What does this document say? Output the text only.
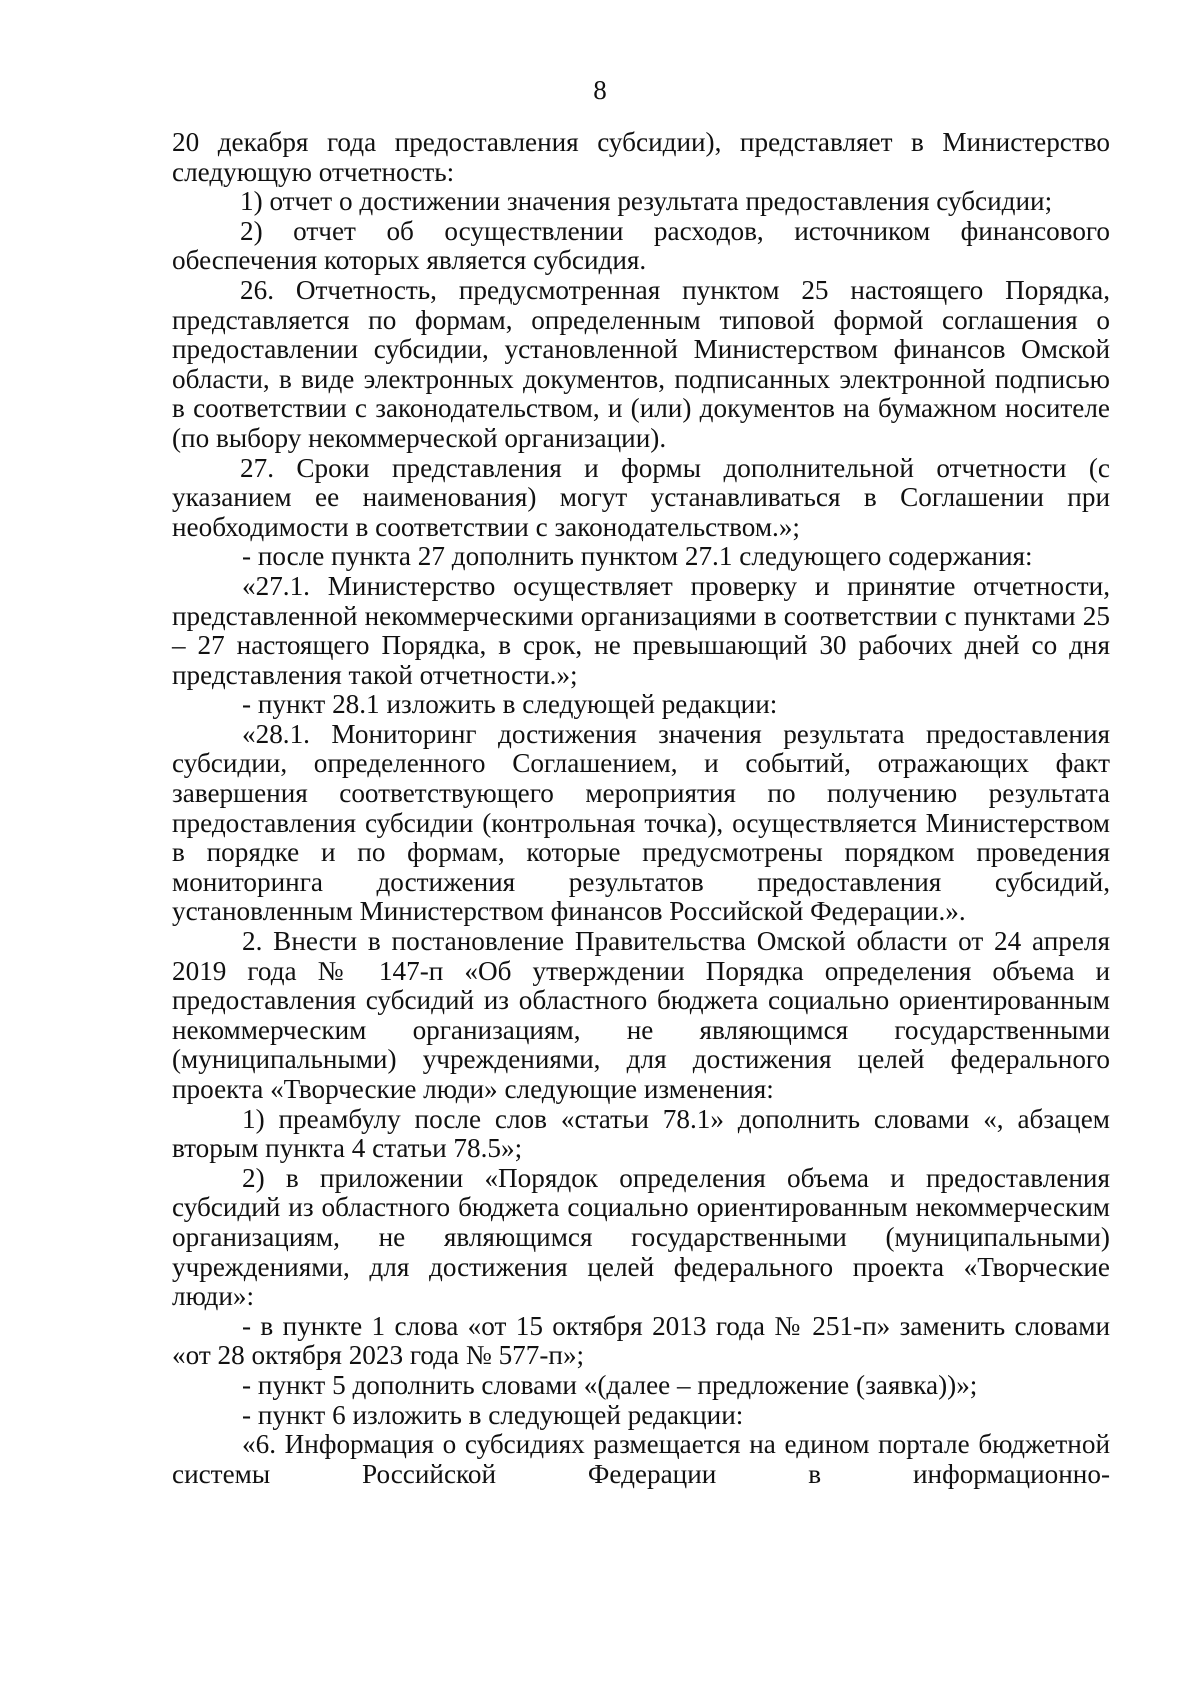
8

20 декабря года предоставления субсидии), представляет в Министерство следующую отчетность:

1) отчет о достижении значения результата предоставления субсидии;

2) отчет об осуществлении расходов, источником финансового обеспечения которых является субсидия.

26. Отчетность, предусмотренная пунктом 25 настоящего Порядка, представляется по формам, определенным типовой формой соглашения о предоставлении субсидии, установленной Министерством финансов Омской области, в виде электронных документов, подписанных электронной подписью в соответствии с законодательством, и (или) документов на бумажном носителе (по выбору некоммерческой организации).

27. Сроки представления и формы дополнительной отчетности (с указанием ее наименования) могут устанавливаться в Соглашении при необходимости в соответствии с законодательством.»;

- после пункта 27 дополнить пунктом 27.1 следующего содержания:

«27.1. Министерство осуществляет проверку и принятие отчетности, представленной некоммерческими организациями в соответствии с пунктами 25 – 27 настоящего Порядка, в срок, не превышающий 30 рабочих дней со дня представления такой отчетности.»;

- пункт 28.1 изложить в следующей редакции:

«28.1. Мониторинг достижения значения результата предоставления субсидии, определенного Соглашением, и событий, отражающих факт завершения соответствующего мероприятия по получению результата предоставления субсидии (контрольная точка), осуществляется Министерством в порядке и по формам, которые предусмотрены порядком проведения мониторинга достижения результатов предоставления субсидий, установленным Министерством финансов Российской Федерации.».

2. Внести в постановление Правительства Омской области от 24 апреля 2019 года № 147-п «Об утверждении Порядка определения объема и предоставления субсидий из областного бюджета социально ориентированным некоммерческим организациям, не являющимся государственными (муниципальными) учреждениями, для достижения целей федерального проекта «Творческие люди» следующие изменения:

1) преамбулу после слов «статьи 78.1» дополнить словами «, абзацем вторым пункта 4 статьи 78.5»;

2) в приложении «Порядок определения объема и предоставления субсидий из областного бюджета социально ориентированным некоммерческим организациям, не являющимся государственными (муниципальными) учреждениями, для достижения целей федерального проекта «Творческие люди»:

- в пункте 1 слова «от 15 октября 2013 года № 251-п» заменить словами «от 28 октября 2023 года № 577-п»;

- пункт 5 дополнить словами «(далее – предложение (заявка))»;

- пункт 6 изложить в следующей редакции:

«6. Информация о субсидиях размещается на едином портале бюджетной системы Российской Федерации в информационно-
